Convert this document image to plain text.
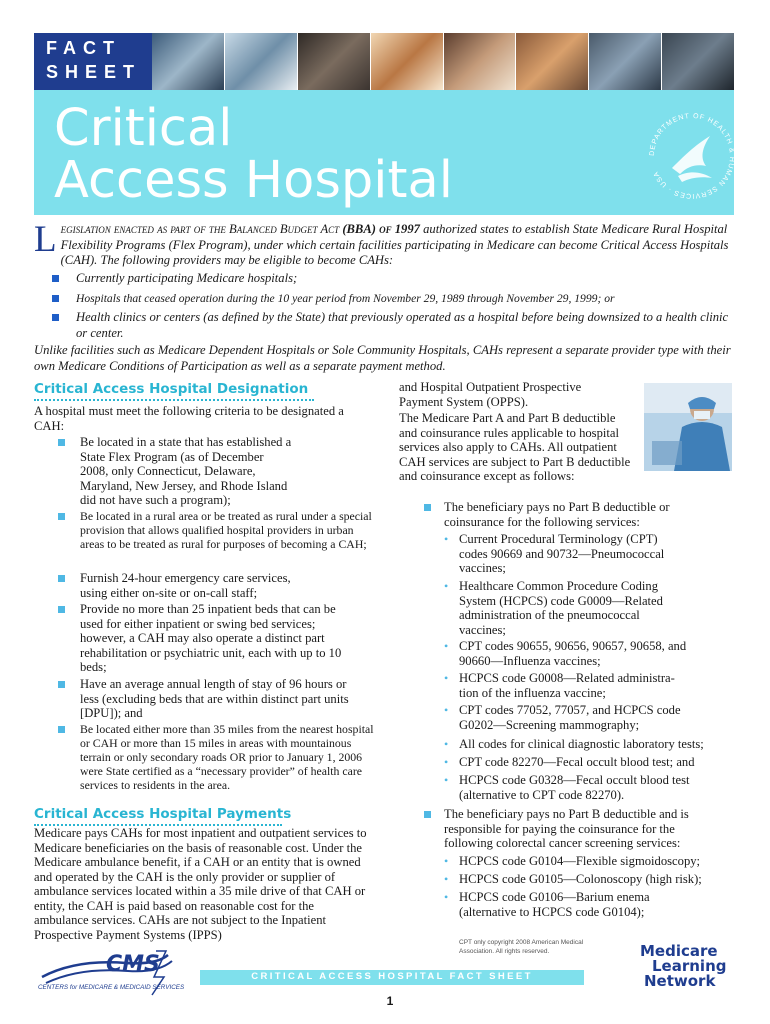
FACT
SHEET
Critical
Access Hospital	DEPARTMENT OF HEALTH & HUMAN SERVICES · USA
Legislation enacted as part of the Balanced Budget Act (BBA) of 1997 authorized states to establish State Medicare Rural Hospital Flexibility Programs (Flex Program), under which certain facilities participating in Medicare can become Critical Access Hospitals (CAH). The following providers may be eligible to become CAHs:
Currently participating Medicare hospitals;
Hospitals that ceased operation during the 10 year period from November 29, 1989 through November 29, 1999; or
Health clinics or centers (as defined by the State) that previously operated as a hospital before being downsized to a health clinic or center.
Unlike facilities such as Medicare Dependent Hospitals or Sole Community Hospitals, CAHs represent a separate provider type with their own Medicare Conditions of Participation as well as a separate payment method.
Critical Access Hospital Designation
A hospital must meet the following criteria to be designated a CAH:
Be located in a state that has established a State Flex Program (as of December 2008, only Connecticut, Delaware, Maryland, New Jersey, and Rhode Island did not have such a program);
Be located in a rural area or be treated as rural under a special provision that allows qualified hospital providers in urban areas to be treated as rural for purposes of becoming a CAH;
Furnish 24-hour emergency care services, using either on-site or on-call staff;
Provide no more than 25 inpatient beds that can be used for either inpatient or swing bed services; however, a CAH may also operate a distinct part rehabilitation or psychiatric unit, each with up to 10 beds;
Have an average annual length of stay of 96 hours or less (excluding beds that are within distinct part units [DPU]); and
Be located either more than 35 miles from the nearest hospital or CAH or more than 15 miles in areas with mountainous terrain or only secondary roads OR prior to January 1, 2006 were State certified as a “necessary provider” of health care services to residents in the area.
Critical Access Hospital Payments
Medicare pays CAHs for most inpatient and outpatient services to Medicare beneficiaries on the basis of reasonable cost. Under the Medicare ambulance benefit, if a CAH or an entity that is owned and operated by the CAH is the only provider or supplier of ambulance services located within a 35 mile drive of that CAH or entity, the CAH is paid based on reasonable cost for the ambulance services. CAHs are not subject to the Inpatient Prospective Payment Systems (IPPS)
and Hospital Outpatient Prospective Payment System (OPPS).
The Medicare Part A and Part B deductible and coinsurance rules applicable to hospital services also apply to CAHs. All outpatient CAH services are subject to Part B deductible and coinsurance except as follows:
The beneficiary pays no Part B deductible or coinsurance for the following services:
• Current Procedural Terminology (CPT) codes 90669 and 90732—Pneumococcal vaccines;
• Healthcare Common Procedure Coding System (HCPCS) code G0009—Related administration of the pneumococcal vaccines;
• CPT codes 90655, 90656, 90657, 90658, and 90660—Influenza vaccines;
• HCPCS code G0008—Related administra-tion of the influenza vaccine;
• CPT codes 77052, 77057, and HCPCS code G0202—Screening mammography;
• All codes for clinical diagnostic laboratory tests;
• CPT code 82270—Fecal occult blood test; and
• HCPCS code G0328—Fecal occult blood test (alternative to CPT code 82270).
The beneficiary pays no Part B deductible and is responsible for paying the coinsurance for the following colorectal cancer screening services:
• HCPCS code G0104—Flexible sigmoidoscopy;
• HCPCS code G0105—Colonoscopy (high risk);
• HCPCS code G0106—Barium enema (alternative to HCPCS code G0104);
CPT only copyright 2008 American Medical Association. All rights reserved.
CMS
CENTERS for MEDICARE & MEDICAID SERVICES
CRITICAL ACCESS HOSPITAL FACT SHEET
1
Medicare
Learning
Network
